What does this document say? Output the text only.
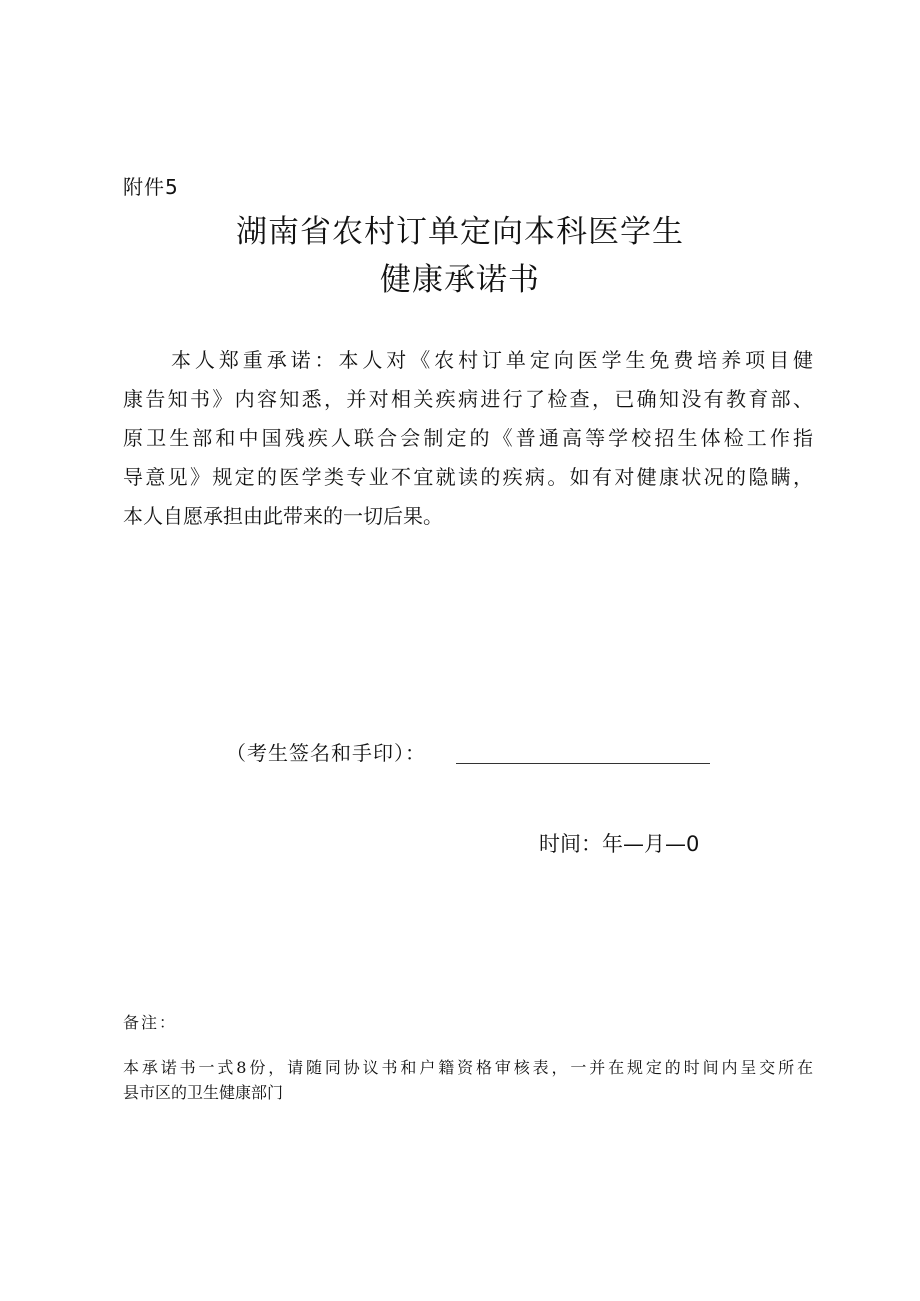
附件5
湖南省农村订单定向本科医学生
健康承诺书
本人郑重承诺：本人对《农村订单定向医学生免费培养项目健
康告知书》内容知悉，并对相关疾病进行了检查，已确知没有教育部、
原卫生部和中国残疾人联合会制定的《普通高等学校招生体检工作指
导意见》规定的医学类专业不宜就读的疾病。如有对健康状况的隐瞒，
本人自愿承担由此带来的一切后果。
（考生签名和手印）：
时间：年—月—0
备注：
本承诺书一式8份，请随同协议书和户籍资格审核表，一并在规定的时间内呈交所在
县市区的卫生健康部门
